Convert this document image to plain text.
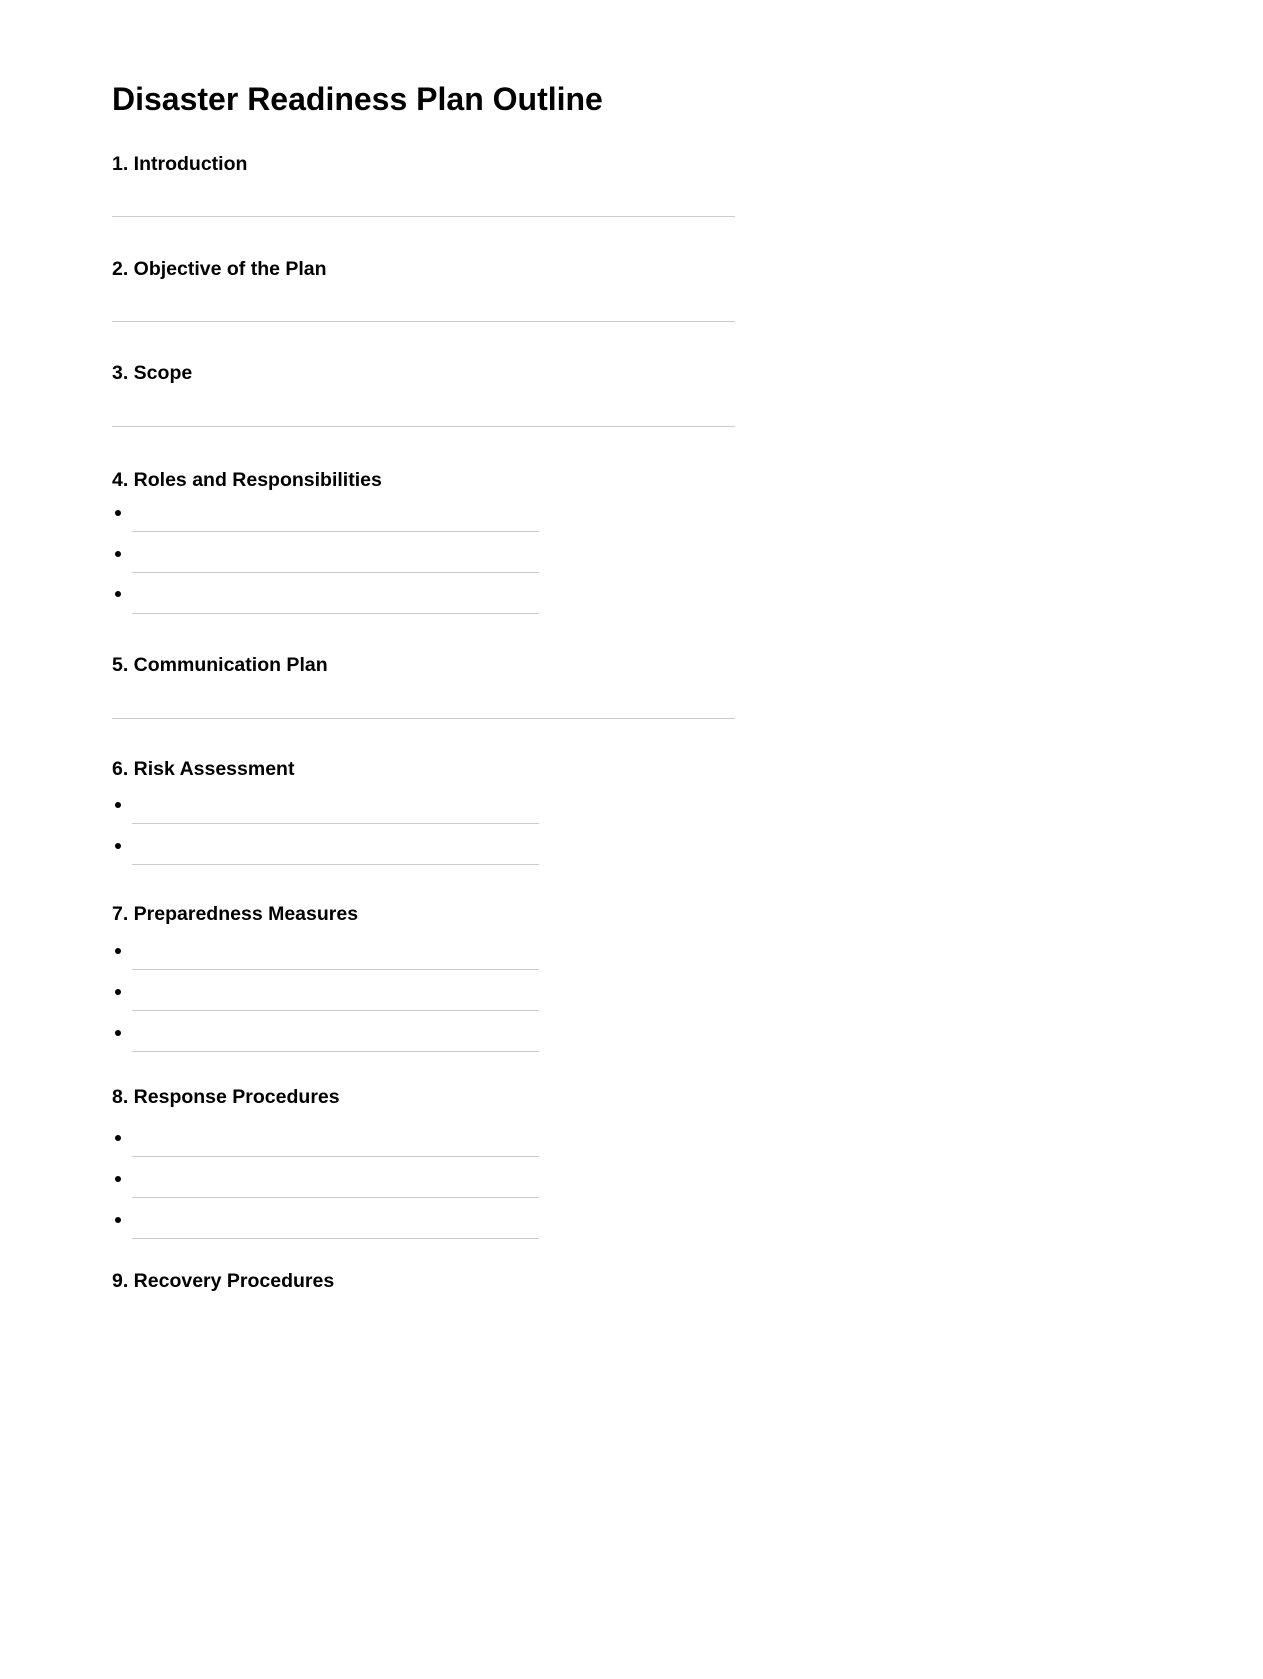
Disaster Readiness Plan Outline
1. Introduction
2. Objective of the Plan
3. Scope
4. Roles and Responsibilities
5. Communication Plan
6. Risk Assessment
7. Preparedness Measures
8. Response Procedures
9. Recovery Procedures
